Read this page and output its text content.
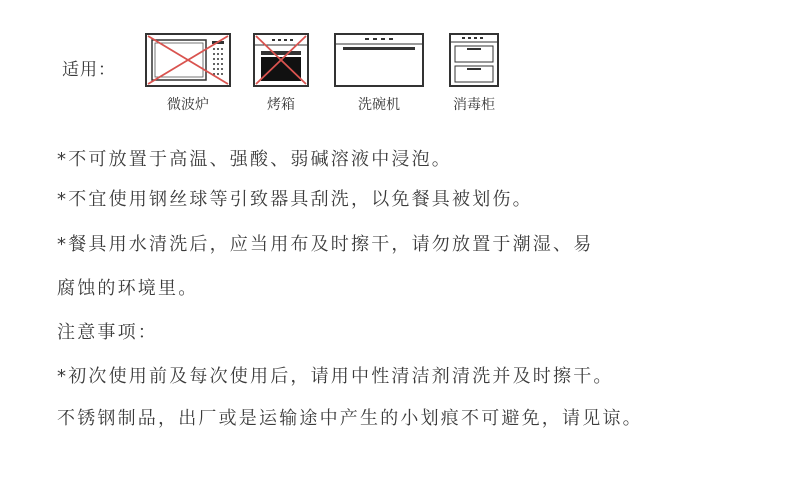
适用：
微波炉	烤箱	洗碗机	消毒柜
*不可放置于高温、强酸、弱碱溶液中浸泡。
*不宜使用钢丝球等引致器具刮洗，以免餐具被划伤。
*餐具用水清洗后，应当用布及时擦干，请勿放置于潮湿、易
腐蚀的环境里。
注意事项：
*初次使用前及每次使用后，请用中性清洁剂清洗并及时擦干。
不锈钢制品，出厂或是运输途中产生的小划痕不可避免，请见谅。
